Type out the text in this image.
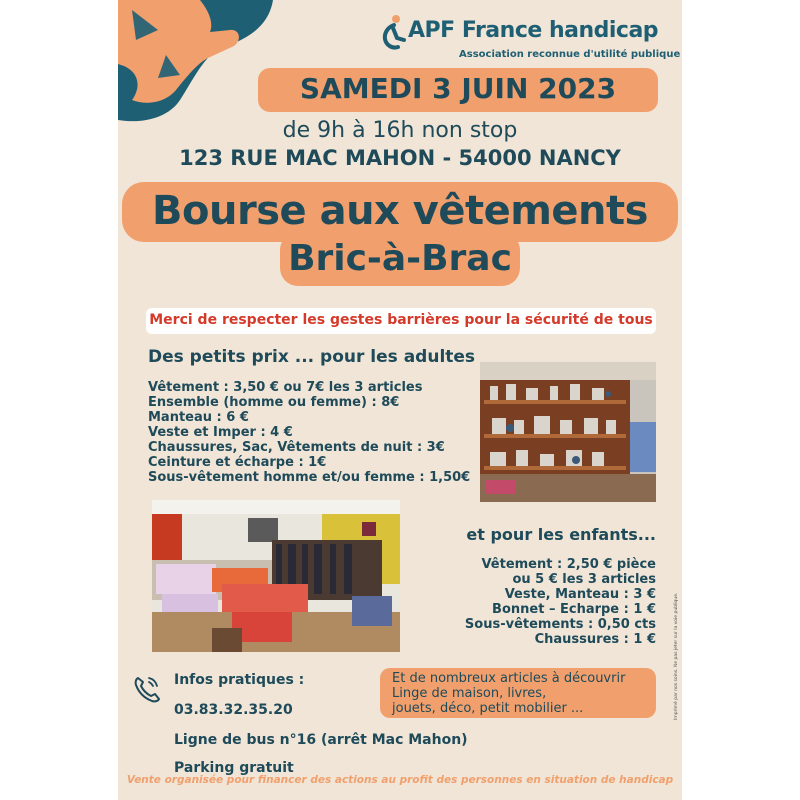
APF France handicap
Association reconnue d'utilité publique
SAMEDI 3 JUIN 2023
de 9h à 16h non stop
123 RUE MAC MAHON - 54000 NANCY
Bourse aux vêtements
Bric-à-Brac
Merci de respecter les gestes barrières pour la sécurité de tous
Des petits prix ... pour les adultes
Vêtement : 3,50 € ou 7€ les 3 articles
Ensemble (homme ou femme) : 8€
Manteau : 6 €
Veste et Imper : 4 €
Chaussures, Sac, Vêtements de nuit : 3€
Ceinture et écharpe : 1€
Sous-vêtement homme et/ou femme : 1,50€
et pour les enfants...
Vêtement : 2,50 € pièce
ou 5 € les 3 articles
Veste, Manteau : 3 €
Bonnet – Echarpe : 1 €
Sous-vêtements : 0,50 cts
Chaussures : 1 €
Infos pratiques :
03.83.32.35.20
Ligne de bus n°16 (arrêt Mac Mahon)
Parking gratuit
Et de nombreux articles à découvrir
Linge de maison, livres,
jouets, déco, petit mobilier ...
Vente organisée pour financer des actions au profit des personnes en situation de handicap
Imprimé par nos soins. Ne pas jeter sur la voie publique.
